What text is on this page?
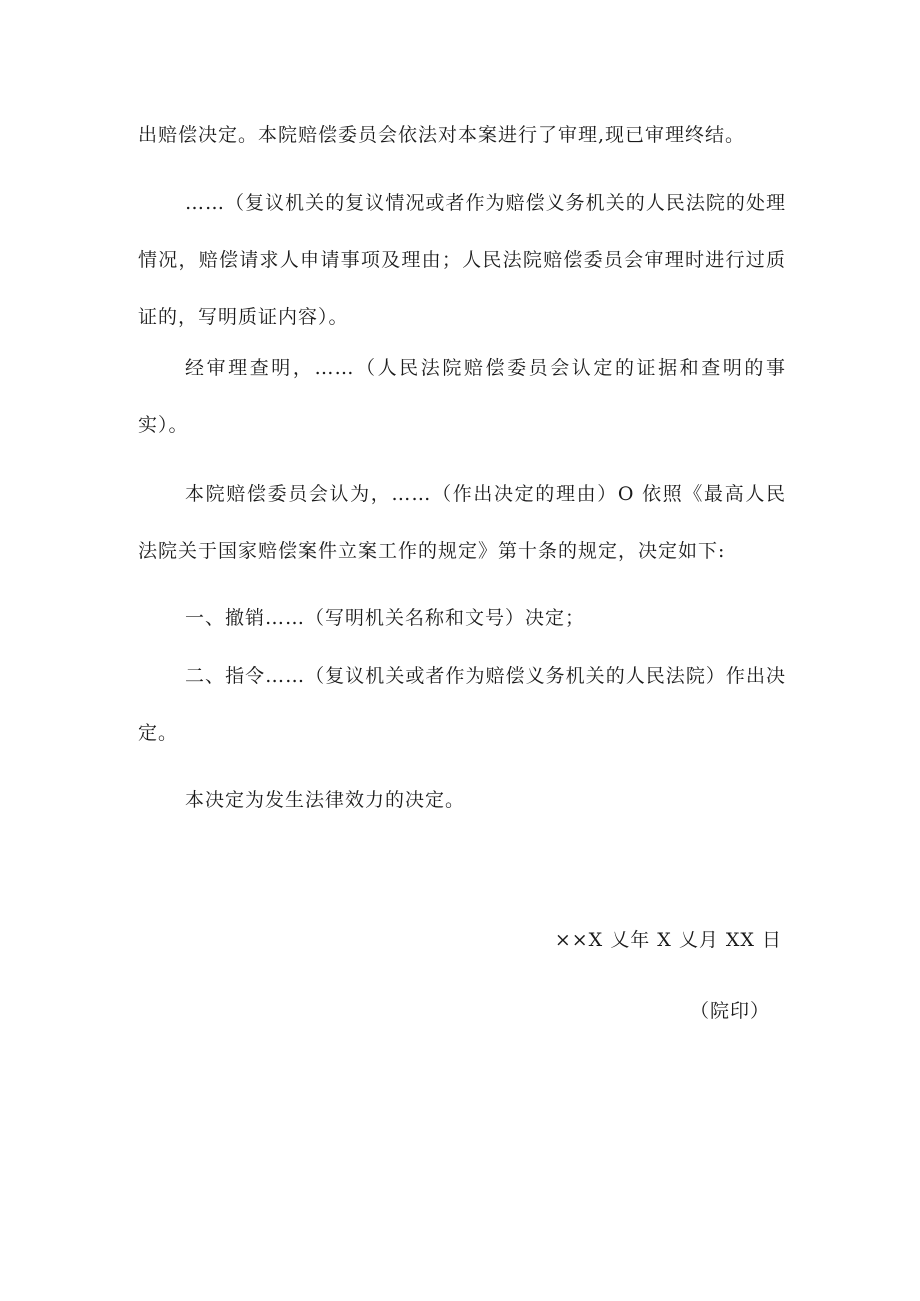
出赔偿决定。本院赔偿委员会依法对本案进行了审理,现已审理终结。

……（复议机关的复议情况或者作为赔偿义务机关的人民法院的处理情况，赔偿请求人申请事项及理由；人民法院赔偿委员会审理时进行过质证的，写明质证内容）。

经审理查明，……（人民法院赔偿委员会认定的证据和查明的事实）。

本院赔偿委员会认为，……（作出决定的理由）O 依照《最高人民法院关于国家赔偿案件立案工作的规定》第十条的规定，决定如下:

一、撤销……（写明机关名称和文号）决定；

二、指令……（复议机关或者作为赔偿义务机关的人民法院）作出决定。

本决定为发生法律效力的决定。

××X 乂年 X 乂月 XX 日

（院印）
